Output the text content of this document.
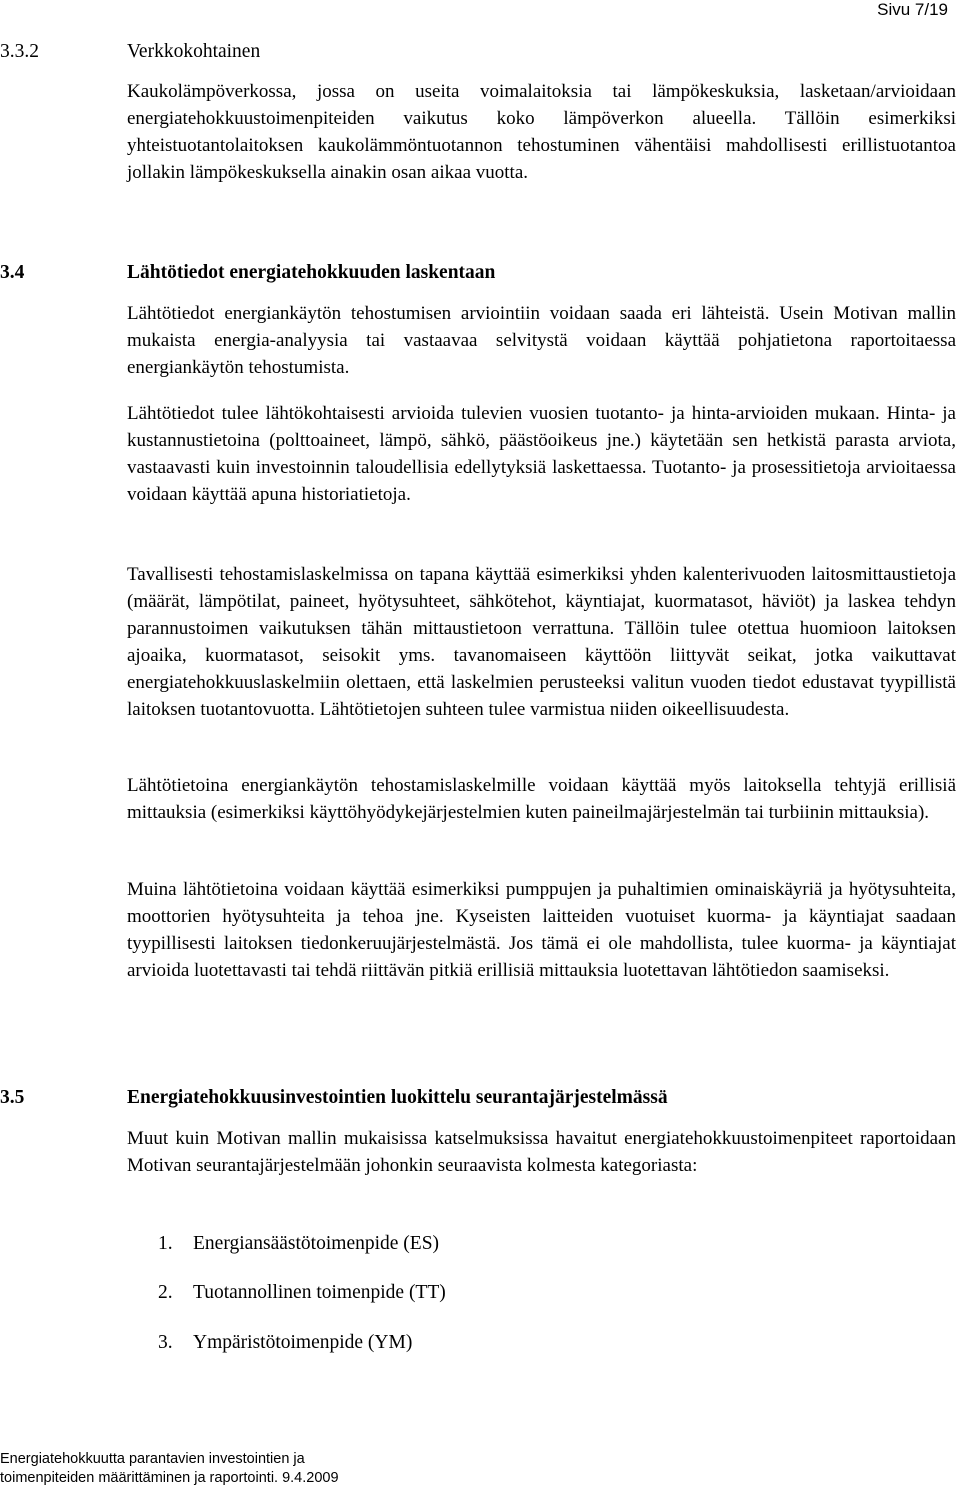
Sivu 7/19
3.3.2	Verkkokohtainen

Kaukolämpöverkossa, jossa on useita voimalaitoksia tai lämpökeskuksia, lasketaan/arvioidaan energiatehokkuustoimenpiteiden vaikutus koko lämpöverkon alueella. Tällöin esimerkiksi yhteistuotantolaitoksen kaukolämmöntuotannon tehostuminen vähentäisi mahdollisesti erillistuotantoa jollakin lämpökeskuksella ainakin osan aikaa vuotta.

3.4	Lähtötiedot energiatehokkuuden laskentaan

Lähtötiedot energiankäytön tehostumisen arviointiin voidaan saada eri lähteistä. Usein Motivan mallin mukaista energia-analyysia tai vastaavaa selvitystä voidaan käyttää pohjatietona raportoitaessa energiankäytön tehostumista.

Lähtötiedot tulee lähtökohtaisesti arvioida tulevien vuosien tuotanto- ja hinta-arvioiden mukaan. Hinta- ja kustannustietoina (polttoaineet, lämpö, sähkö, päästöoikeus jne.) käytetään sen hetkistä parasta arviota, vastaavasti kuin investoinnin taloudellisia edellytyksiä laskettaessa. Tuotanto- ja prosessitietoja arvioitaessa voidaan käyttää apuna historiatietoja.

Tavallisesti tehostamislaskelmissa on tapana käyttää esimerkiksi yhden kalenterivuoden laitosmittaustietoja (määrät, lämpötilat, paineet, hyötysuhteet, sähkötehot, käyntiajat, kuormatasot, häviöt) ja laskea tehdyn parannustoimen vaikutuksen tähän mittaustietoon verrattuna. Tällöin tulee otettua huomioon laitoksen ajoaika, kuormatasot, seisokit yms. tavanomaiseen käyttöön liittyvät seikat, jotka vaikuttavat energiatehokkuuslaskelmiin olettaen, että laskelmien perusteeksi valitun vuoden tiedot edustavat tyypillistä laitoksen tuotantovuotta. Lähtötietojen suhteen tulee varmistua niiden oikeellisuudesta.

Lähtötietoina energiankäytön tehostamislaskelmille voidaan käyttää myös laitoksella tehtyjä erillisiä mittauksia (esimerkiksi käyttöhyödykejärjestelmien kuten paineilmajärjestelmän tai turbiinin mittauksia).

Muina lähtötietoina voidaan käyttää esimerkiksi pumppujen ja puhaltimien ominaiskäyriä ja hyötysuhteita, moottorien hyötysuhteita ja tehoa jne. Kyseisten laitteiden vuotuiset kuorma- ja käyntiajat saadaan tyypillisesti laitoksen tiedonkeruujärjestelmästä. Jos tämä ei ole mahdollista, tulee kuorma- ja käyntiajat arvioida luotettavasti tai tehdä riittävän pitkiä erillisiä mittauksia luotettavan lähtötiedon saamiseksi.

3.5	Energiatehokkuusinvestointien luokittelu seurantajärjestelmässä

Muut kuin Motivan mallin mukaisissa katselmuksissa havaitut energiatehokkuustoimenpiteet raportoidaan Motivan seurantajärjestelmään johonkin seuraavista kolmesta kategoriasta:

1. Energiansäästötoimenpide (ES)
2. Tuotannollinen toimenpide (TT)
3. Ympäristötoimenpide (YM)
Energiatehokkuutta parantavien investointien ja
toimenpiteiden määrittäminen ja raportointi. 9.4.2009
